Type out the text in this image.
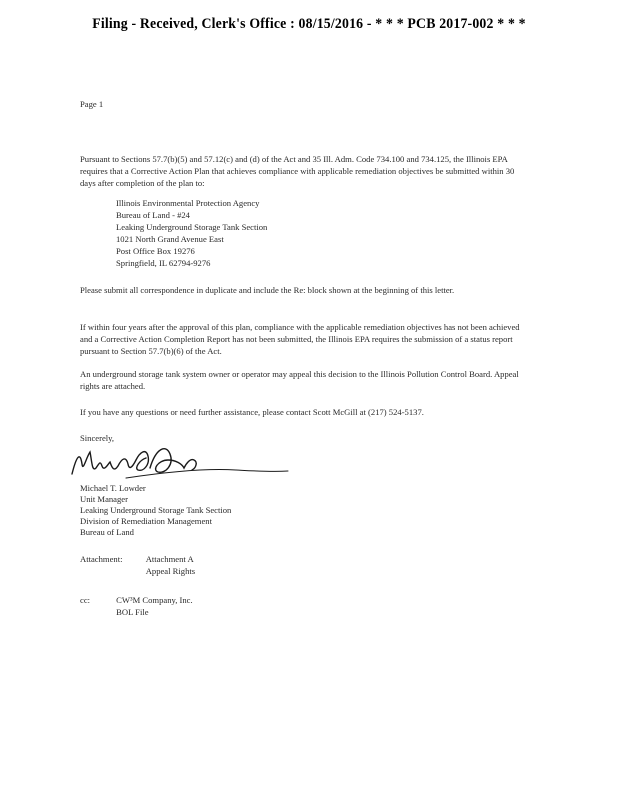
Filing - Received, Clerk's Office : 08/15/2016 - * * * PCB 2017-002 * * *
Page 1
Pursuant to Sections 57.7(b)(5) and 57.12(c) and (d) of the Act and 35 Ill. Adm. Code 734.100 and 734.125, the Illinois EPA requires that a Corrective Action Plan that achieves compliance with applicable remediation objectives be submitted within 30 days after completion of the plan to:
Illinois Environmental Protection Agency
Bureau of Land - #24
Leaking Underground Storage Tank Section
1021 North Grand Avenue East
Post Office Box 19276
Springfield, IL 62794-9276
Please submit all correspondence in duplicate and include the Re: block shown at the beginning of this letter.
If within four years after the approval of this plan, compliance with the applicable remediation objectives has not been achieved and a Corrective Action Completion Report has not been submitted, the Illinois EPA requires the submission of a status report pursuant to Section 57.7(b)(6) of the Act.
An underground storage tank system owner or operator may appeal this decision to the Illinois Pollution Control Board. Appeal rights are attached.
If you have any questions or need further assistance, please contact Scott McGill at (217) 524-5137.
Sincerely,
Michael T. Lowder
Unit Manager
Leaking Underground Storage Tank Section
Division of Remediation Management
Bureau of Land
Attachment:	Attachment A
Appeal Rights
cc:	CW³M Company, Inc.
BOL File
